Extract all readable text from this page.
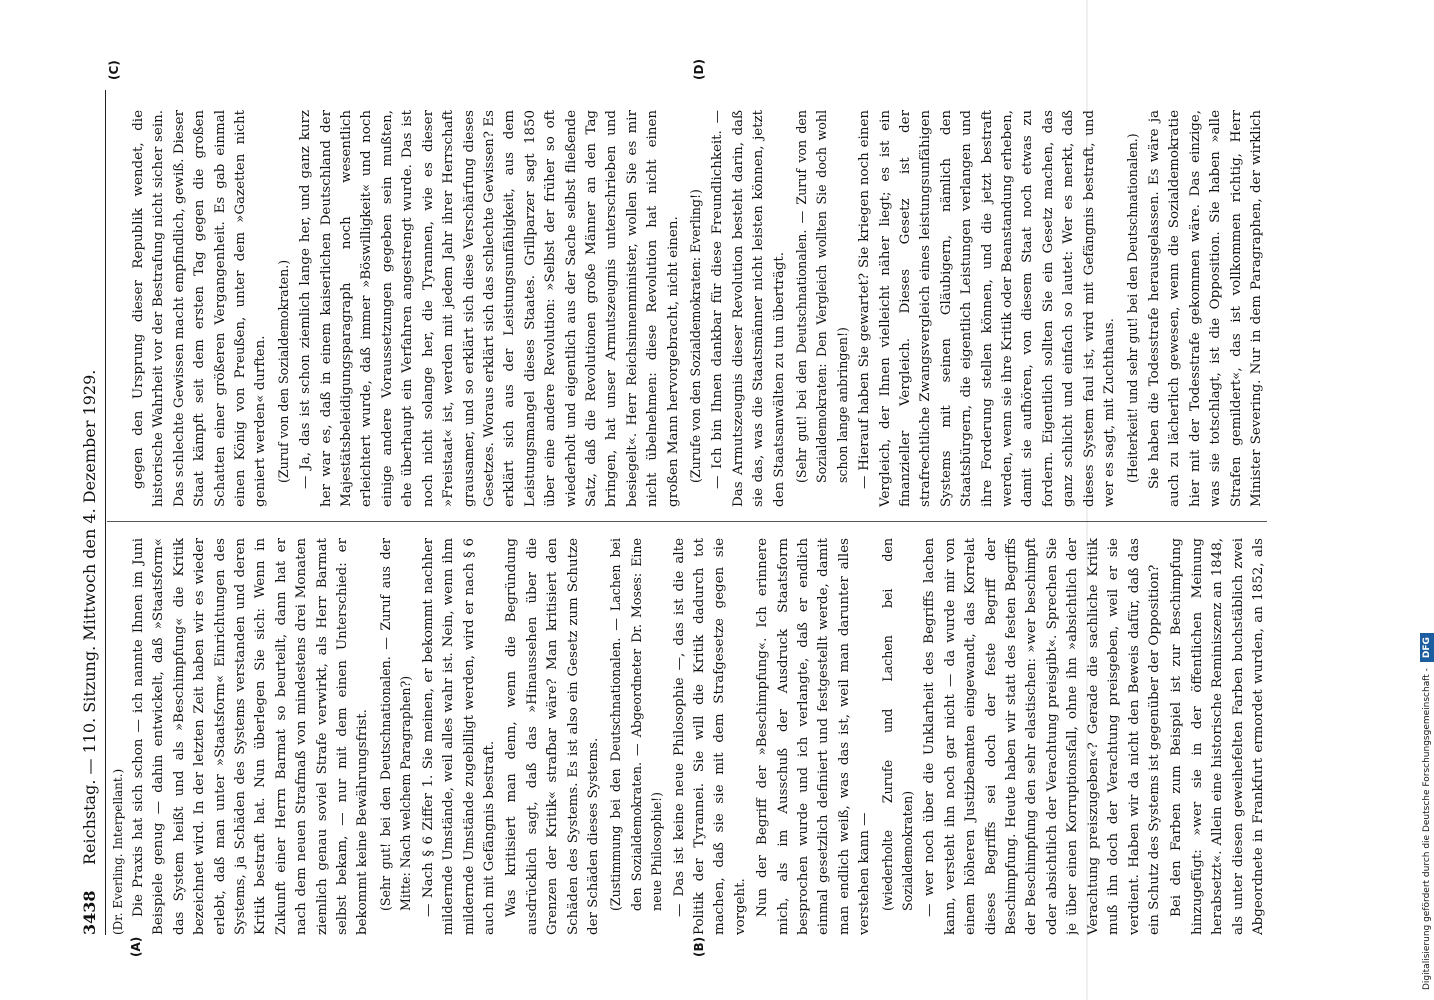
3438
Reichstag. — 110. Sitzung. Mittwoch den 4. Dezember 1929.	(Dr. Everling. Interpellant.)
(A)	(B)
(C)	(D)

Die Praxis hat sich schon — ich nannte Ihnen im Juni Beispiele genug — dahin entwickelt, daß »Staatsform« das System heißt und als »Beschimpfung« die Kritik bezeichnet wird. In der letzten Zeit haben wir es wieder erlebt, daß man unter »Staatsform« Einrichtungen des Systems, ja Schäden des Systems verstanden und deren Kritik bestraft hat. Nun überlegen Sie sich: Wenn in Zukunft einer Herrn Barmat so beurteilt, dann hat er nach dem neuen Strafmaß von mindestens drei Monaten ziemlich genau soviel Strafe verwirkt, als Herr Barmat selbst bekam, — nur mit dem einen Unterschied: er bekommt keine Bewährungsfrist. (Sehr gut! bei den Deutschnationalen. — Zuruf aus der Mitte: Nach welchem Paragraphen?) — Nach § 6 Ziffer 1. Sie meinen, er bekommt nachher mildernde Umstände, weil alles wahr ist. Nein, wenn ihm mildernde Umstände zugebilligt werden, wird er nach § 6 auch mit Gefängnis bestraft. Was kritisiert man denn, wenn die Begründung ausdrücklich sagt, daß das »Hinaussehen über die Grenzen der Kritik« strafbar wäre? Man kritisiert den Schäden des Systems. Es ist also ein Gesetz zum Schutze der Schäden dieses Systems. (Zustimmung bei den Deutschnationalen. — Lachen bei den Sozialdemokraten. — Abgeordneter Dr. Moses: Eine neue Philosophie!) — Das ist keine neue Philosophie —, das ist die alte Politik der Tyrannei. Sie will die Kritik dadurch tot machen, daß sie sie mit dem Strafgesetze gegen sie vorgeht. Nun der Begriff der »Beschimpfung«. Ich erinnere mich, als im Ausschuß der Ausdruck Staatsform besprochen wurde und ich verlangte, daß er endlich einmal gesetzlich definiert und festgestellt werde, damit man endlich weiß, was das ist, weil man darunter alles verstehen kann — (wiederholte Zurufe und Lachen bei den Sozialdemokraten) — wer noch über die Unklarheit des Begriffs lachen kann, versteht ihn noch gar nicht — da wurde mir von einem höheren Justizbeamten eingewandt, das Korrelat dieses Begriffs sei doch der feste Begriff der Beschimpfung. Heute haben wir statt des festen Begriffs der Beschimpfung den sehr elastischen: »wer beschimpft oder absichtlich der Verachtung preisgibt«. Sprechen Sie je über einen Korruptionsfall, ohne ihn »absichtlich der Verachtung preiszugeben«? Gerade die sachliche Kritik muß ihn doch der Verachtung preisgeben, weil er sie verdient. Haben wir da nicht den Beweis dafür, daß das ein Schutz des Systems ist gegenüber der Opposition? Bei den Farben zum Beispiel ist zur Beschimpfung hinzugefügt: »wer sie in der öffentlichen Meinung herabsetzt«. Allein eine historische Reminiszenz an 1848, als unter diesen geweihefelten Farben buchstäblich zwei Abgeordnete in Frankfurt ermordet wurden, an 1852, als

gegen den Ursprung dieser Republik wendet, die historische Wahrheit vor der Bestrafung nicht sicher sein. Das schlechte Gewissen macht empfindlich, gewiß. Dieser Staat kämpft seit dem ersten Tag gegen die großen Schatten einer größeren Vergangenheit. Es gab einmal einen König von Preußen, unter dem »Gazetten nicht geniert werden« durften. (Zuruf von den Sozialdemokraten.) — Ja, das ist schon ziemlich lange her, und ganz kurz her war es, daß in einem kaiserlichen Deutschland der Majestätsbeleidigungsparagraph noch wesentlich erleichtert wurde, daß immer »Böswilligkeit« und noch einige andere Voraussetzungen gegeben sein mußten, ehe überhaupt ein Verfahren angestrengt wurde. Das ist noch nicht solange her, die Tyrannen, wie es dieser »Freistaat« ist, werden mit jedem Jahr ihrer Herrschaft grausamer, und so erklärt sich diese Verschärfung dieses Gesetzes. Woraus erklärt sich das schlechte Gewissen? Es erklärt sich aus der Leistungsunfähigkeit, aus dem Leistungsmangel dieses Staates. Grillparzer sagt 1850 über eine andere Revolution: »Selbst der früher so oft wiederholt und eigentlich aus der Sache selbst fließende Satz, daß die Revolutionen große Männer an den Tag bringen, hat unser Armutszeugnis unterschrieben und besiegelt«. Herr Reichsinnenminister, wollen Sie es mir nicht übelnehmen: diese Revolution hat nicht einen großen Mann hervorgebracht, nicht einen. (Zurufe von den Sozialdemokraten: Everling!) — Ich bin Ihnen dankbar für diese Freundlichkeit. — Das Armutszeugnis dieser Revolution besteht darin, daß sie das, was die Staatsmänner nicht leisten können, jetzt den Staatsanwälten zu tun überträgt. (Sehr gut! bei den Deutschnationalen. — Zuruf von den Sozialdemokraten: Den Vergleich wollten Sie doch wohl schon lange anbringen!) — Hierauf haben Sie gewartet? Sie kriegen noch einen Vergleich, der Ihnen vielleicht näher liegt; es ist ein finanzieller Vergleich. Dieses Gesetz ist der strafrechtliche Zwangsvergleich eines leistungsunfähigen Systems mit seinen Gläubigern, nämlich den Staatsbürgern, die eigentlich Leistungen verlangen und ihre Forderung stellen können, und die jetzt bestraft werden, wenn sie ihre Kritik oder Beanstandung erheben, damit sie aufhören, von diesem Staat noch etwas zu fordern. Eigentlich sollten Sie ein Gesetz machen, das ganz schlicht und einfach so lautet: Wer es merkt, daß dieses System faul ist, wird mit Gefängnis bestraft, und wer es sagt, mit Zuchthaus. (Heiterkeit! und sehr gut! bei den Deutschnationalen.) Sie haben die Todesstrafe herausgelassen. Es wäre ja auch zu lächerlich gewesen, wenn die Sozialdemokratie hier mit der Todesstrafe gekommen wäre. Das einzige, was sie totschlagt, ist die Opposition. Sie haben »alle Strafen gemildert«, das ist vollkommen richtig, Herr Minister Severing. Nur in dem Paragraphen, der wirklich

Digitalisierung gefördert durch die Deutsche Forschungsgemeinschaft -DFG
